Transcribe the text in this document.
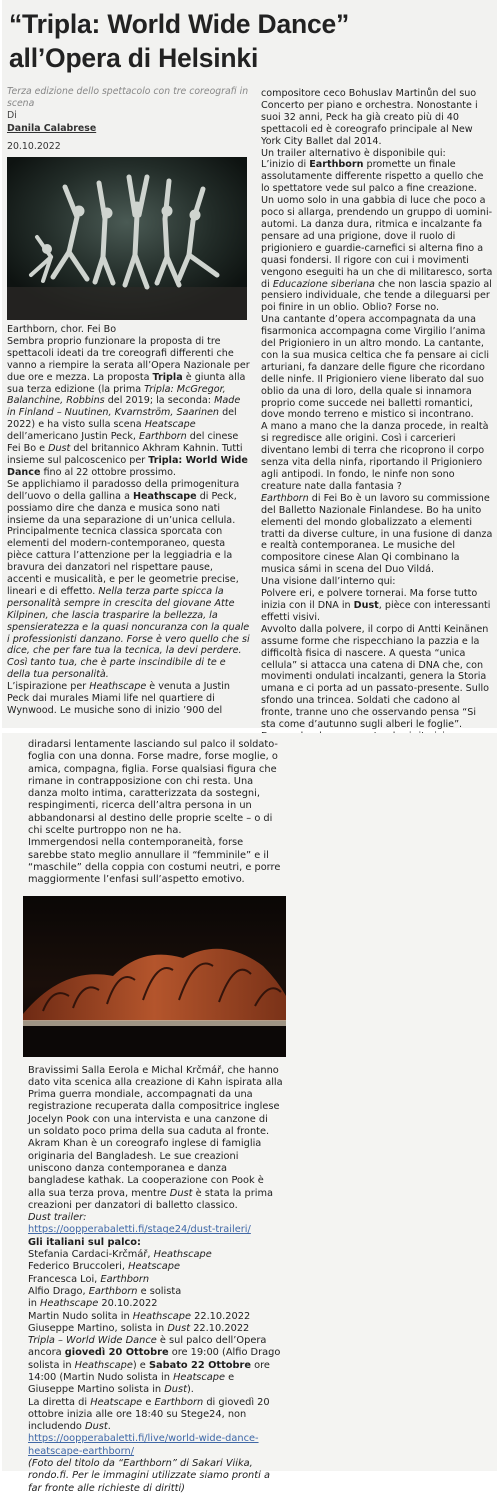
“Tripla: World Wide Dance”
all’Opera di Helsinki
Terza edizione dello spettacolo con tre coreografi in
scena
Di
Danila Calabrese
20.10.2022

Earthborn, chor. Fei Bo

Sembra proprio funzionare la proposta di tre spettacoli ideati da tre coreografi differenti che vanno a riempire la serata all’Opera Nazionale per due ore e mezza. La proposta Tripla è giunta alla sua terza edizione (la prima Tripla: McGregor, Balanchine, Robbins del 2019; la seconda: Made in Finland – Nuutinen, Kvarnström, Saarinen del 2022) e ha visto sulla scena Heatscape dell’americano Justin Peck, Earthborn del cinese Fei Bo e Dust del britannico Akhram Kahnin. Tutti insieme sul palcoscenico per Tripla: World Wide Dance fino al 22 ottobre prossimo.

Se applichiamo il paradosso della primogenitura dell’uovo o della gallina a Heathscape di Peck, possiamo dire che danza e musica sono nati insieme da una separazione di un’unica cellula. Principalmente tecnica classica sporcata con elementi del modern-contemporaneo, questa pièce cattura l’attenzione per la leggiadria e la bravura dei danzatori nel rispettare pause, accenti e musicalità, e per le geometrie precise, lineari e di effetto. Nella terza parte spicca la personalità sempre in crescita del giovane Atte Kilpinen, che lascia trasparire la bellezza, la spensieratezza e la quasi noncuranza con la quale i professionisti danzano. Forse è vero quello che si dice, che per fare tua la tecnica, la devi perdere. Così tanto tua, che è parte inscindibile di te e della tua personalità.

L’ispirazione per Heathscape è venuta a Justin Peck dai murales Miami life nel quartiere di Wynwood. Le musiche sono di inizio ’900 del

compositore ceco Bohuslav Martinůn del suo Concerto per piano e orchestra. Nonostante i suoi 32 anni, Peck ha già creato più di 40 spettacoli ed è coreografo principale al New York City Ballet dal 2014.

Un trailer alternativo è disponibile qui:

L’inizio di Earthborn promette un finale assolutamente differente rispetto a quello che lo spettatore vede sul palco a fine creazione.

Un uomo solo in una gabbia di luce che poco a poco si allarga, prendendo un gruppo di uomini-automi. La danza dura, ritmica e incalzante fa pensare ad una prigione, dove il ruolo di prigioniero e guardie-carnefici si alterna fino a quasi fondersi. Il rigore con cui i movimenti vengono eseguiti ha un che di militaresco, sorta di Educazione siberiana che non lascia spazio al pensiero individuale, che tende a dileguarsi per poi finire in un oblio. Oblio? Forse no.

Una cantante d’opera accompagnata da una fisarmonica accompagna come Virgilio l’anima del Prigioniero in un altro mondo. La cantante, con la sua musica celtica che fa pensare ai cicli arturiani, fa danzare delle figure che ricordano delle ninfe. Il Prigioniero viene liberato dal suo oblio da una di loro, della quale si innamora proprio come succede nei balletti romantici, dove mondo terreno e mistico si incontrano.

A mano a mano che la danza procede, in realtà si regredisce alle origini. Così i carcerieri diventano lembi di terra che ricoprono il corpo senza vita della ninfa, riportando il Prigioniero agli antipodi. In fondo, le ninfe non sono creature nate dalla fantasia ?

Earthborn di Fei Bo è un lavoro su commissione del Balletto Nazionale Finlandese. Bo ha unito elementi del mondo globalizzato a elementi tratti da diverse culture, in una fusione di danza e realtà contemporanea. Le musiche del compositore cinese Alan Qi combinano la musica sámi in scena del Duo Vildá.

Una visione dall’interno qui:

Polvere eri, e polvere tornerai. Ma forse tutto inizia con il DNA in Dust, pièce con interessanti effetti visivi.

Avvolto dalla polvere, il corpo di Antti Keinänen assume forme che rispecchiano la pazzia e la difficoltà fisica di nascere. A questa “unica cellula” si attacca una catena di DNA che, con movimenti ondulati incalzanti, genera la Storia umana e ci porta ad un passato-presente. Sullo sfondo una trincea. Soldati che cadono al fronte, tranne uno che osservando pensa “Si sta come d’autunno sugli alberi le foglie”.

diradarsi lentamente lasciando sul palco il soldato-foglia con una donna. Forse madre, forse moglie, o amica, compagna, figlia. Forse qualsiasi figura che rimane in contrapposizione con chi resta. Una danza molto intima, caratterizzata da sostegni, respingimenti, ricerca dell’altra persona in un abbandonarsi al destino delle proprie scelte – o di chi scelte purtroppo non ne ha.

Immergendosi nella contemporaneità, forse sarebbe stato meglio annullare il “femminile” e il “maschile” della coppia con costumi neutri, e porre maggiormente l’enfasi sull’aspetto emotivo.

Bravissimi Salla Eerola e Michal Krčmář, che hanno dato vita scenica alla creazione di Kahn ispirata alla Prima guerra mondiale, accompagnati da una registrazione recuperata dalla compositrice inglese Jocelyn Pook con una intervista e una canzone di un soldato poco prima della sua caduta al fronte.

Akram Khan è un coreografo inglese di famiglia originaria del Bangladesh. Le sue creazioni uniscono danza contemporanea e danza bangladese kathak. La cooperazione con Pook è alla sua terza prova, mentre Dust è stata la prima creazioni per danzatori di balletto classico.

Dust trailer:

https://oopperabaletti.fi/stage24/dust-traileri/

Gli italiani sul palco:

Stefania Cardaci-Krčmář, Heathscape

Federico Bruccoleri, Heatscape

Francesca Loi, Earthborn

Alfio Drago, Earthborn e solista

in Heathscape 20.10.2022

Martin Nudo solita in Heathscape 22.10.2022

Giuseppe Martino, solista in Dust 22.10.2022

Tripla – World Wide Dance è sul palco dell’Opera ancora giovedì 20 Ottobre ore 19:00 (Alfio Drago solista in Heathscape) e Sabato 22 Ottobre ore 14:00 (Martin Nudo solista in Heatscape e Giuseppe Martino solista in Dust).

La diretta di Heatscape e Earthborn di giovedì 20 ottobre inizia alle ore 18:40 su Stege24, non includendo Dust. https://oopperabaletti.fi/live/world-wide-dance-heatscape-earthborn/

(Foto del titolo da “Earthborn” di Sakari Viika, rondo.fi. Per le immagini utilizzate siamo pronti a far fronte alle richieste di diritti)
